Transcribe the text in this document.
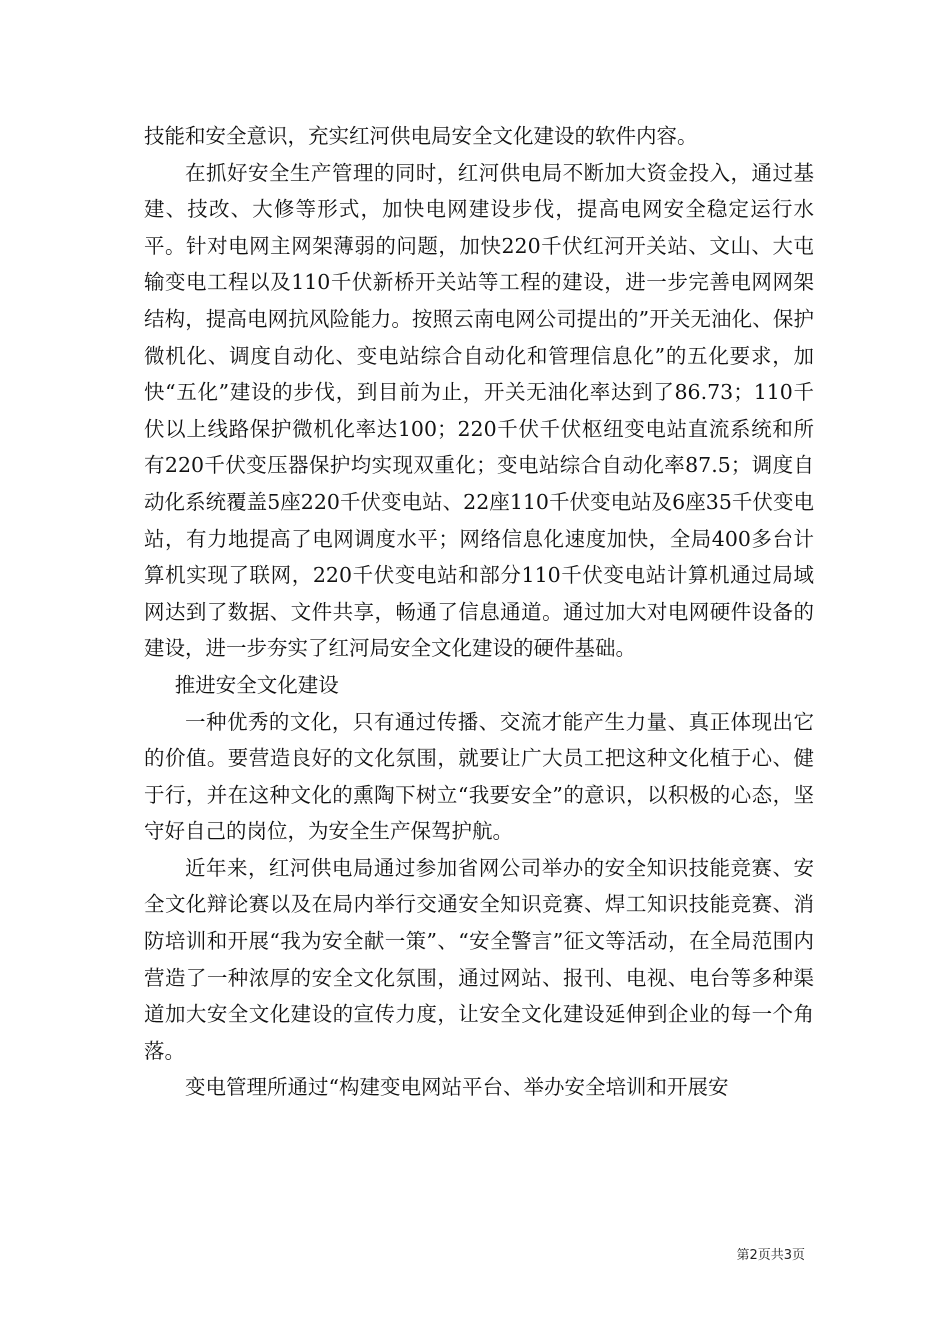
技能和安全意识，充实红河供电局安全文化建设的软件内容。

在抓好安全生产管理的同时，红河供电局不断加大资金投入，通过基建、技改、大修等形式，加快电网建设步伐，提高电网安全稳定运行水平。针对电网主网架薄弱的问题，加快220千伏红河开关站、文山、大屯输变电工程以及110千伏新桥开关站等工程的建设，进一步完善电网网架结构，提高电网抗风险能力。按照云南电网公司提出的”开关无油化、保护微机化、调度自动化、变电站综合自动化和管理信息化”的五化要求，加快“五化”建设的步伐，到目前为止，开关无油化率达到了86.73；110千伏以上线路保护微机化率达100；220千伏千伏枢纽变电站直流系统和所有220千伏变压器保护均实现双重化；变电站综合自动化率87.5；调度自动化系统覆盖5座220千伏变电站、22座110千伏变电站及6座35千伏变电站，有力地提高了电网调度水平；网络信息化速度加快，全局400多台计算机实现了联网，220千伏变电站和部分110千伏变电站计算机通过局域网达到了数据、文件共享，畅通了信息通道。通过加大对电网硬件设备的建设，进一步夯实了红河局安全文化建设的硬件基础。

推进安全文化建设

一种优秀的文化，只有通过传播、交流才能产生力量、真正体现出它的价值。要营造良好的文化氛围，就要让广大员工把这种文化植于心、健于行，并在这种文化的熏陶下树立“我要安全”的意识，以积极的心态，坚守好自己的岗位，为安全生产保驾护航。

近年来，红河供电局通过参加省网公司举办的安全知识技能竞赛、安全文化辩论赛以及在局内举行交通安全知识竞赛、焊工知识技能竞赛、消防培训和开展“我为安全献一策”、“安全警言”征文等活动，在全局范围内营造了一种浓厚的安全文化氛围，通过网站、报刊、电视、电台等多种渠道加大安全文化建设的宣传力度，让安全文化建设延伸到企业的每一个角落。

变电管理所通过“构建变电网站平台、举办安全培训和开展安

第2页共3页
